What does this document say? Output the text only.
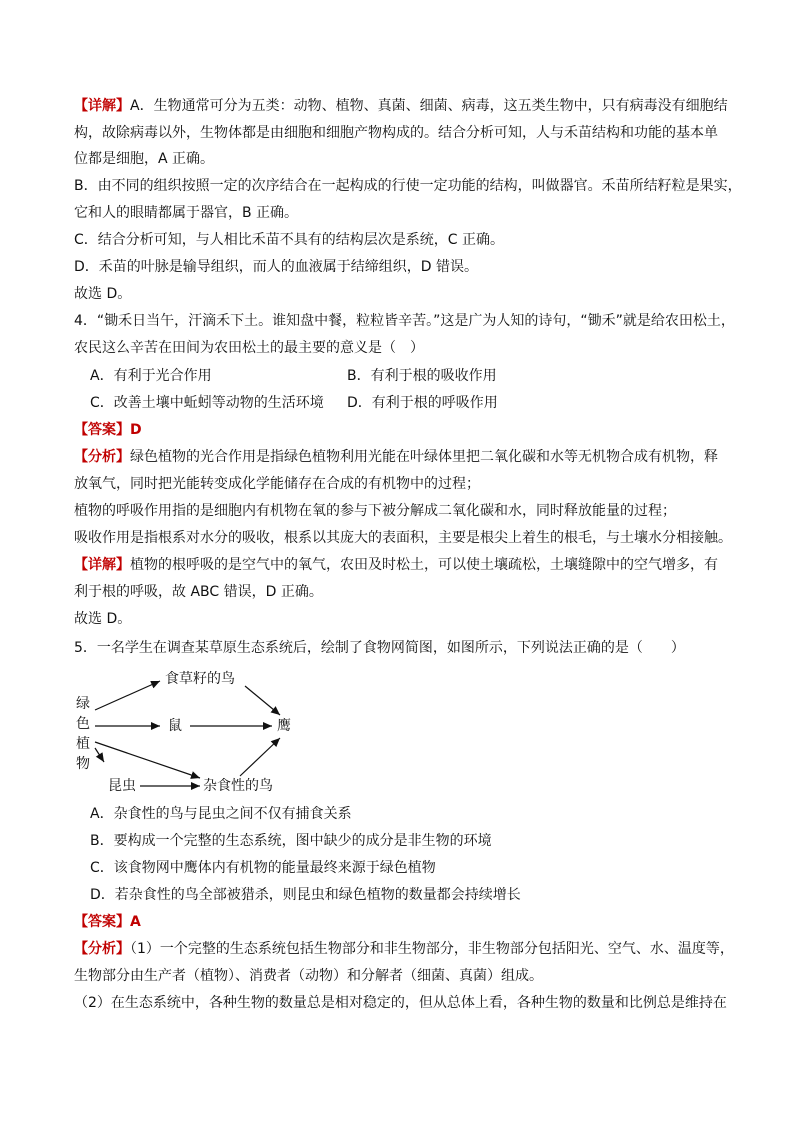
【详解】A．生物通常可分为五类：动物、植物、真菌、细菌、病毒，这五类生物中，只有病毒没有细胞结
构，故除病毒以外，生物体都是由细胞和细胞产物构成的。结合分析可知，人与禾苗结构和功能的基本单
位都是细胞，A 正确。
B．由不同的组织按照一定的次序结合在一起构成的行使一定功能的结构，叫做器官。禾苗所结籽粒是果实，
它和人的眼睛都属于器官，B 正确。
C．结合分析可知，与人相比禾苗不具有的结构层次是系统，C 正确。
D．禾苗的叶脉是输导组织，而人的血液属于结缔组织，D 错误。
故选 D。
4．“锄禾日当午，汗滴禾下土。谁知盘中餐，粒粒皆辛苦。”这是广为人知的诗句，“锄禾”就是给农田松土，
农民这么辛苦在田间为农田松土的最主要的意义是（　）
A．有利于光合作用	B．有利于根的吸收作用
C．改善土壤中蚯蚓等动物的生活环境 D．有利于根的呼吸作用
【答案】D
【分析】绿色植物的光合作用是指绿色植物利用光能在叶绿体里把二氧化碳和水等无机物合成有机物，释
放氧气，同时把光能转变成化学能储存在合成的有机物中的过程；
植物的呼吸作用指的是细胞内有机物在氧的参与下被分解成二氧化碳和水，同时释放能量的过程；
吸收作用是指根系对水分的吸收，根系以其庞大的表面积，主要是根尖上着生的根毛，与土壤水分相接触。
【详解】植物的根呼吸的是空气中的氧气，农田及时松土，可以使土壤疏松，土壤缝隙中的空气增多，有
利于根的呼吸，故 ABC 错误，D 正确。
故选 D。
5．一名学生在调查某草原生态系统后，绘制了食物网简图，如图所示，下列说法正确的是（　　）
绿
色
植
物
食草籽的鸟
鼠	鹰
昆虫	杂食性的鸟
A．杂食性的鸟与昆虫之间不仅有捕食关系
B．要构成一个完整的生态系统，图中缺少的成分是非生物的环境
C．该食物网中鹰体内有机物的能量最终来源于绿色植物
D．若杂食性的鸟全部被猎杀，则昆虫和绿色植物的数量都会持续增长
【答案】A
【分析】（1）一个完整的生态系统包括生物部分和非生物部分，非生物部分包括阳光、空气、水、温度等，
生物部分由生产者（植物）、消费者（动物）和分解者（细菌、真菌）组成。
（2）在生态系统中，各种生物的数量总是相对稳定的，但从总体上看，各种生物的数量和比例总是维持在
